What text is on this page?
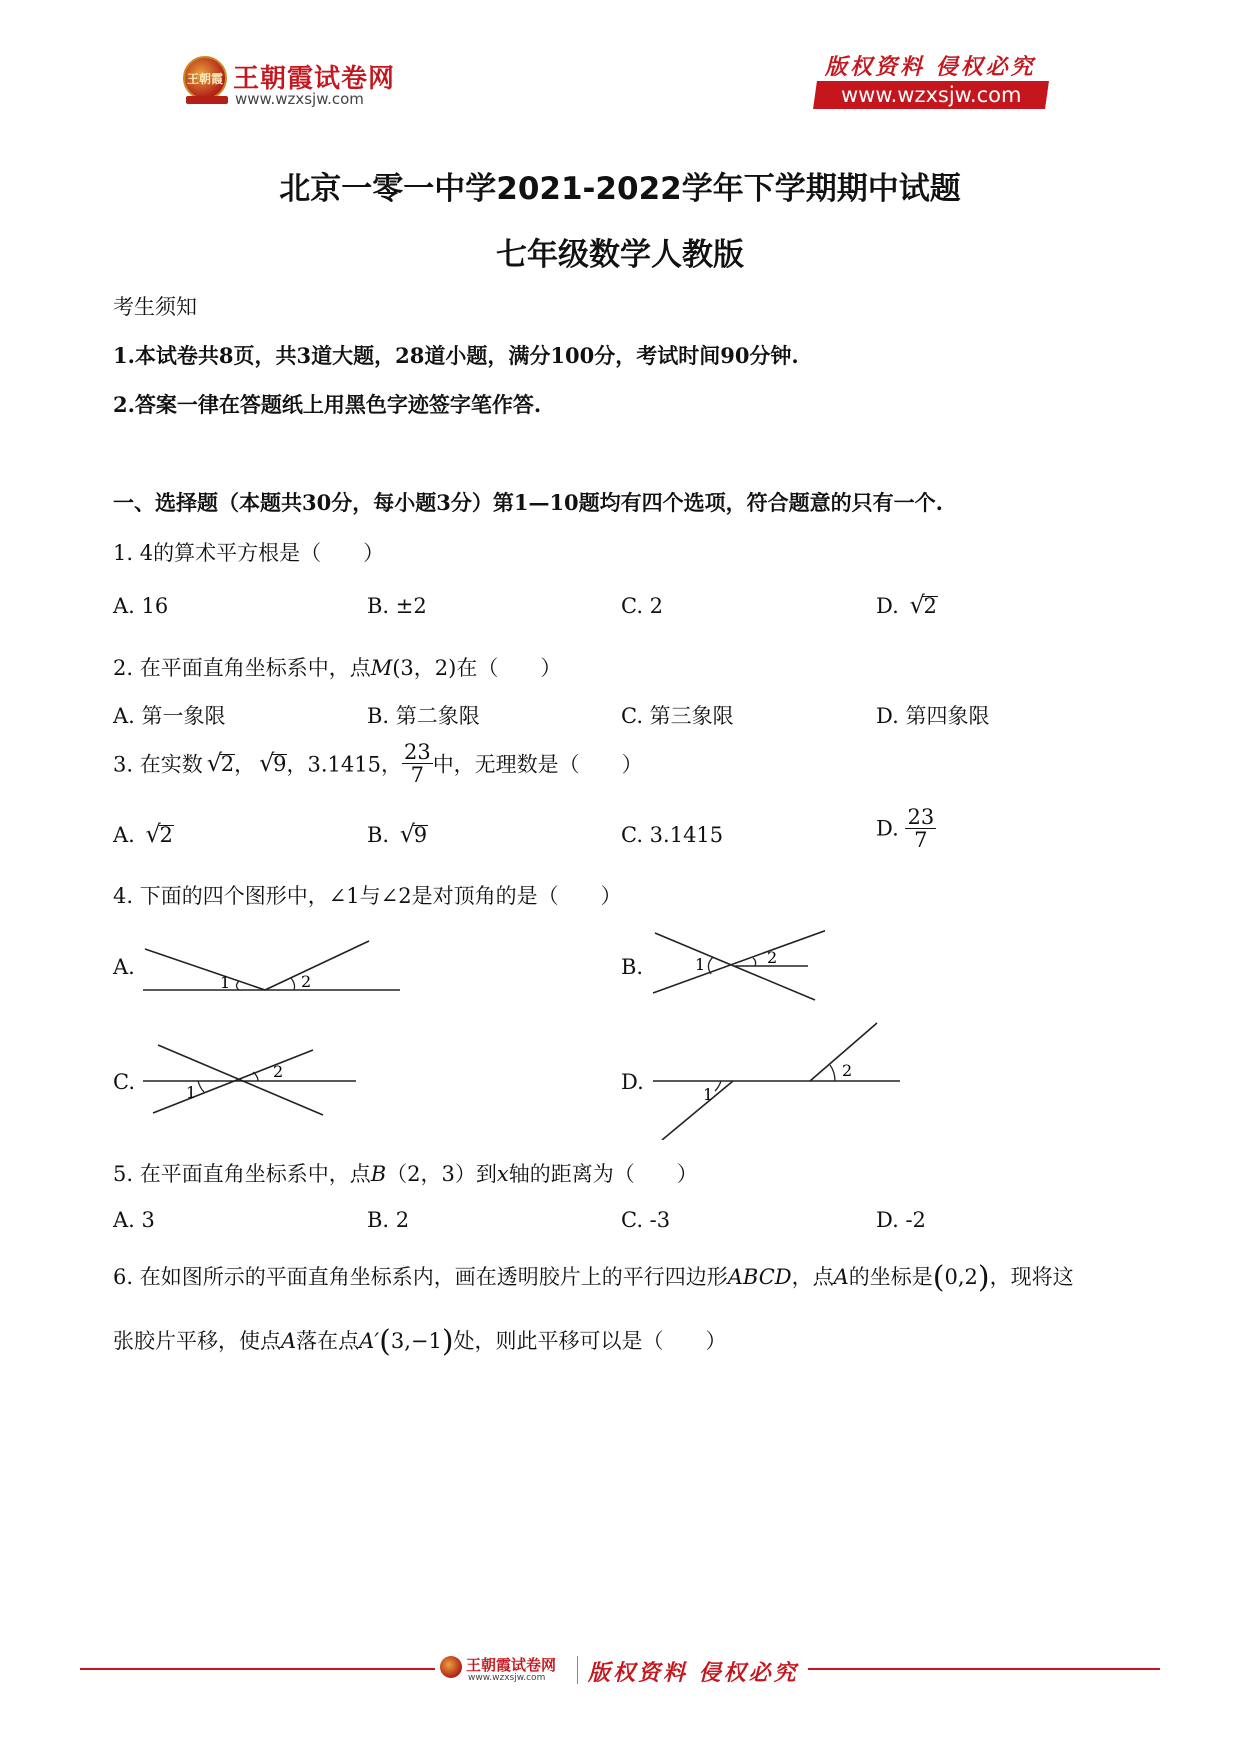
王朝霞 王朝霞试卷网
www.wzxsjw.com
版权资料 侵权必究
www.wzxsjw.com
北京一零一中学2021-2022学年下学期期中试题
七年级数学人教版
考生须知
1.本试卷共8页，共3道大题，28道小题，满分100分，考试时间90分钟.
2.答案一律在答题纸上用黑色字迹签字笔作答.
一、选择题（本题共30分，每小题3分）第1—10题均有四个选项，符合题意的只有一个.
1. 4的算术平方根是（　　）
A. 16	B. ±2	C. 2	D. √ 2
2. 在平面直角坐标系中，点M(3，2)在（　　）
A. 第一象限	B. 第二象限	C. 第三象限	D. 第四象限
3. 在实数 √ 2， √ 9，3.1415， $\frac{23}{7}$ 中，无理数是（　　）
A. √ 2	B. √ 9	C. 3.1415	D. $\frac{23}{7}$
4. 下面的四个图形中，∠1与∠2是对顶角的是（　　）
A.
1	2
B.	1	2
C.	1
2	D.
1
2
5. 在平面直角坐标系中，点B（2，3）到x轴的距离为（　　）
A. 3	B. 2	C. -3	D. -2
6. 在如图所示的平面直角坐标系内，画在透明胶片上的平行四边形ABCD，点A的坐标是(0,2)，现将这
张胶片平移，使点A落在点A′(3,−1)处，则此平移可以是（　　）
王朝霞试卷网
www.wzxsjw.com 版权资料 侵权必究
